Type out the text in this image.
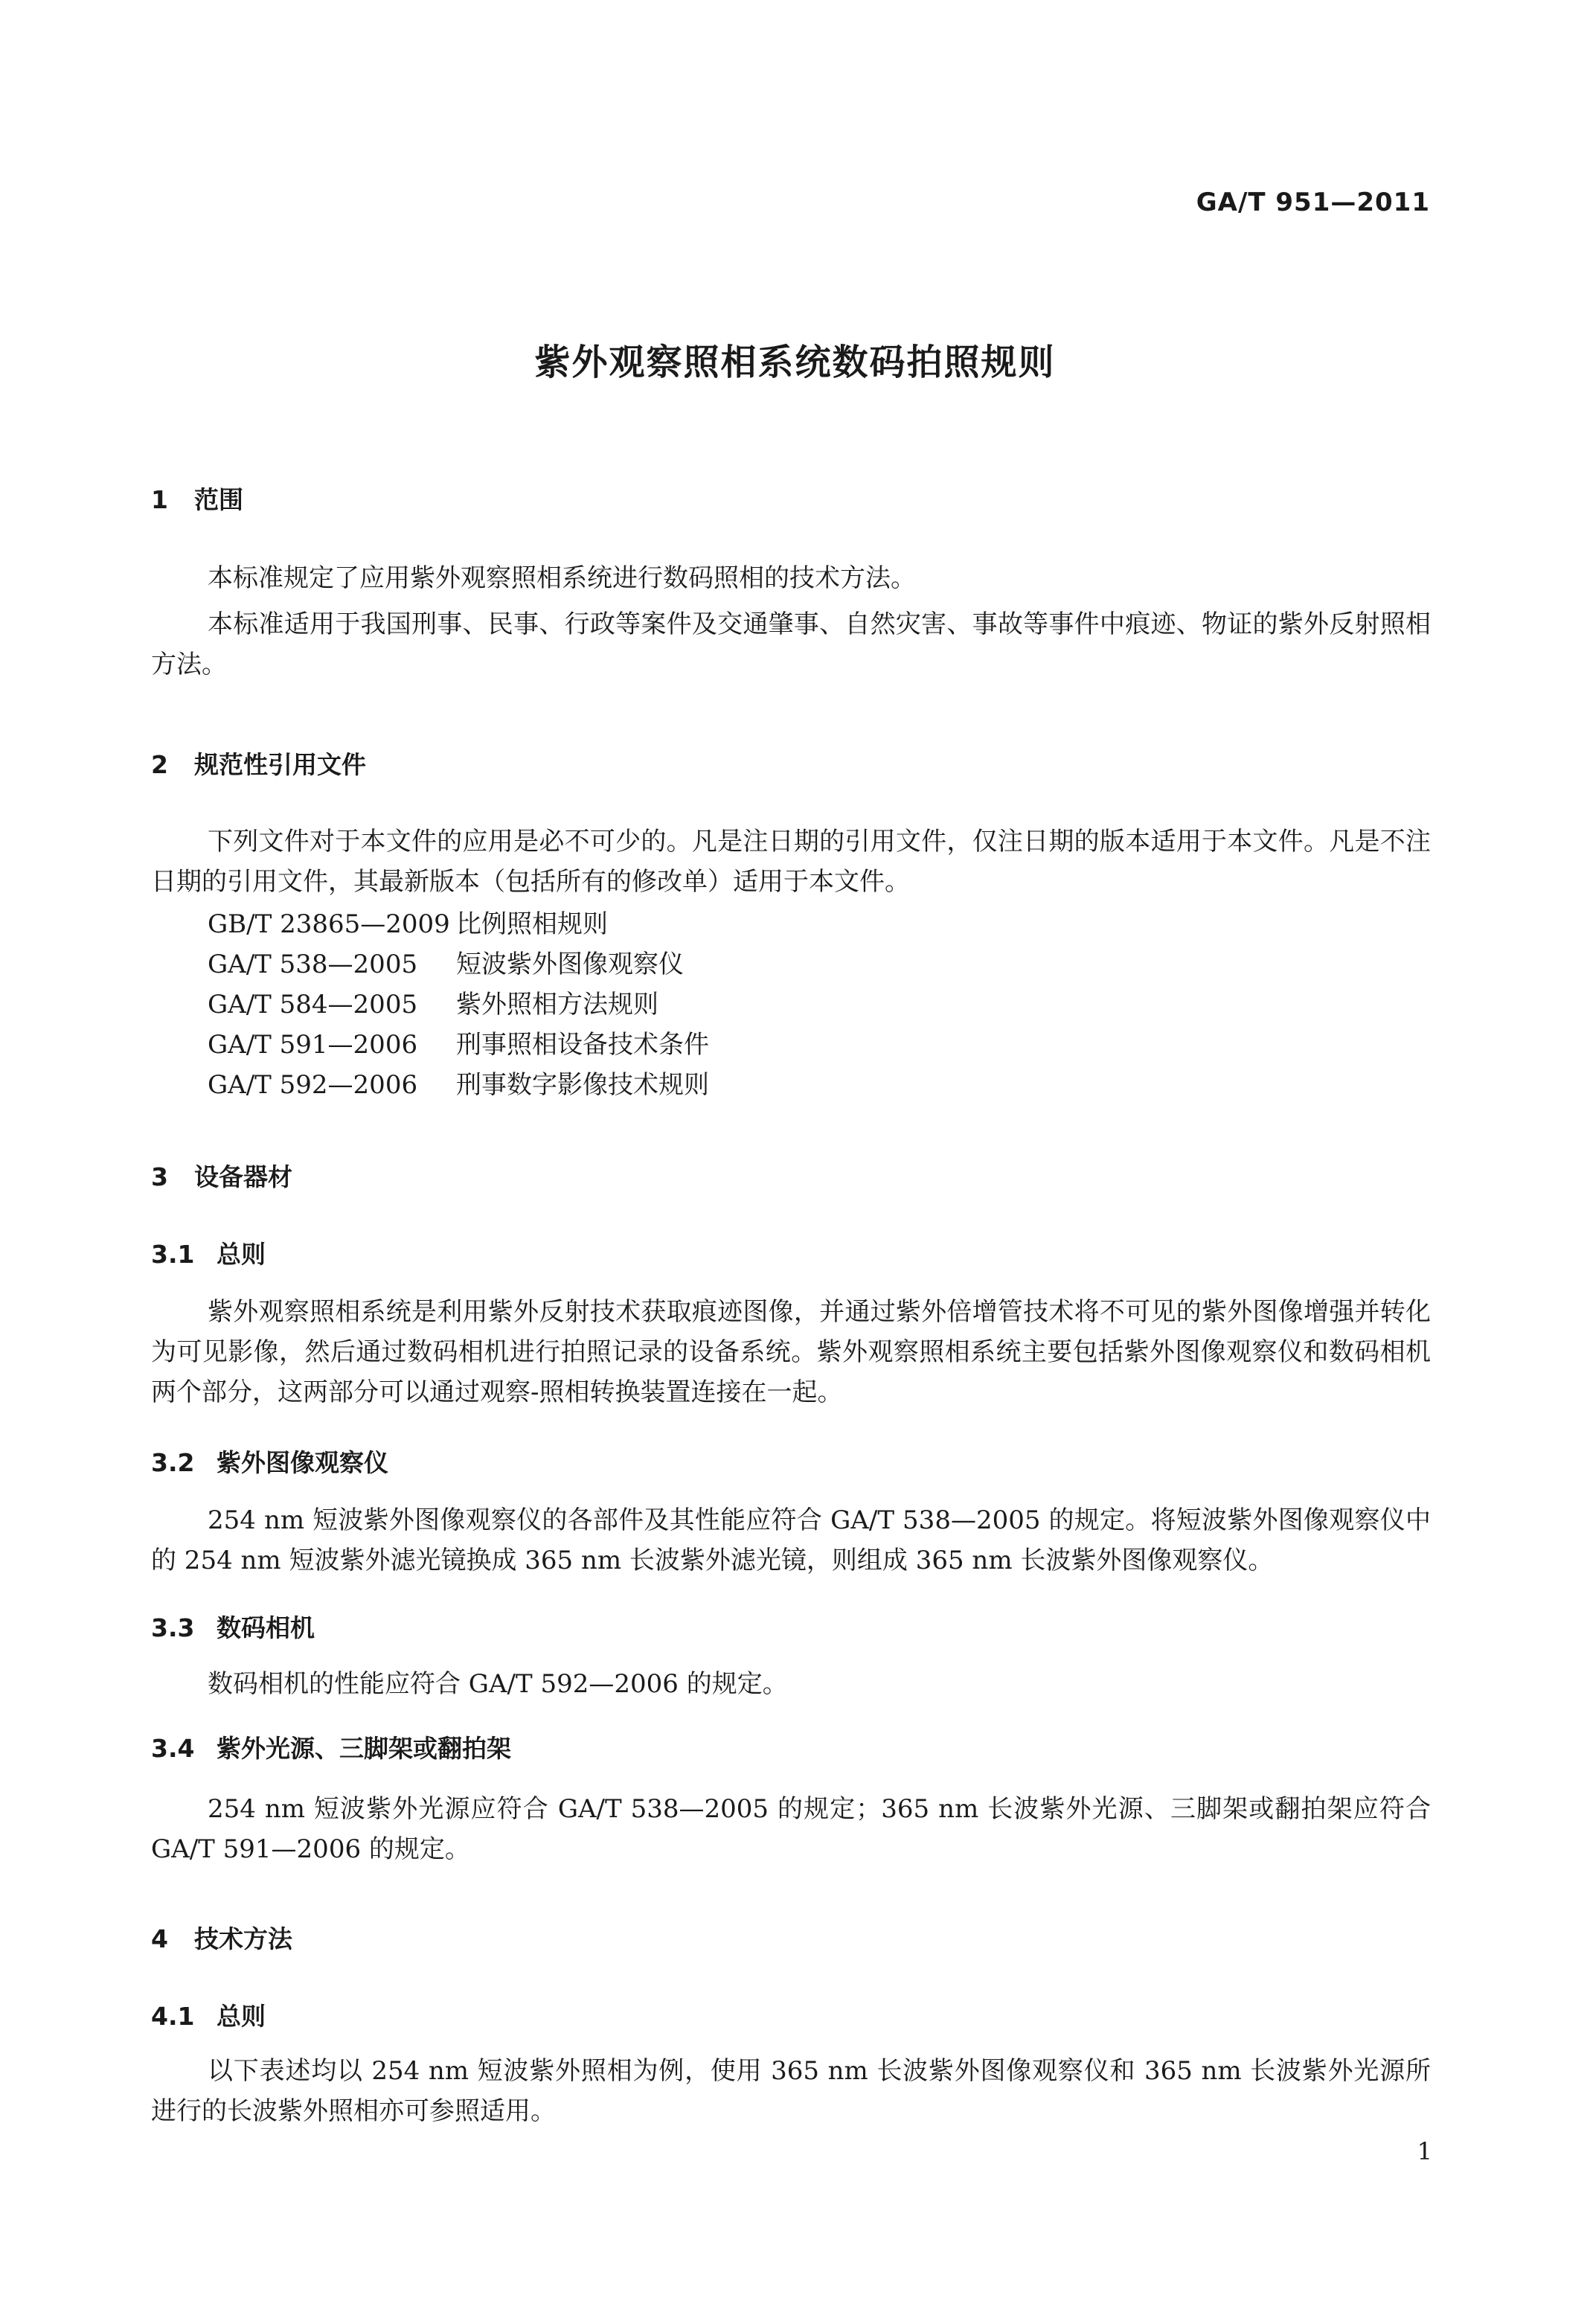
GA/T 951—2011
紫外观察照相系统数码拍照规则
1 范围

本标准规定了应用紫外观察照相系统进行数码照相的技术方法。

本标准适用于我国刑事、民事、行政等案件及交通肇事、自然灾害、事故等事件中痕迹、物证的紫外反射照相方法。

2 规范性引用文件

下列文件对于本文件的应用是必不可少的。凡是注日期的引用文件，仅注日期的版本适用于本文件。凡是不注日期的引用文件，其最新版本（包括所有的修改单）适用于本文件。

GB/T 23865—2009 比例照相规则
GA/T 538—2005 短波紫外图像观察仪
GA/T 584—2005 紫外照相方法规则
GA/T 591—2006 刑事照相设备技术条件
GA/T 592—2006 刑事数字影像技术规则
3 设备器材
3.1 总则

紫外观察照相系统是利用紫外反射技术获取痕迹图像，并通过紫外倍增管技术将不可见的紫外图像增强并转化为可见影像，然后通过数码相机进行拍照记录的设备系统。紫外观察照相系统主要包括紫外图像观察仪和数码相机两个部分，这两部分可以通过观察-照相转换装置连接在一起。

3.2 紫外图像观察仪

254 nm 短波紫外图像观察仪的各部件及其性能应符合 GA/T 538—2005 的规定。将短波紫外图像观察仪中的 254 nm 短波紫外滤光镜换成 365 nm 长波紫外滤光镜，则组成 365 nm 长波紫外图像观察仪。

3.3 数码相机

数码相机的性能应符合 GA/T 592—2006 的规定。

3.4 紫外光源、三脚架或翻拍架

254 nm 短波紫外光源应符合 GA/T 538—2005 的规定；365 nm 长波紫外光源、三脚架或翻拍架应符合 GA/T 591—2006 的规定。

4 技术方法
4.1 总则

以下表述均以 254 nm 短波紫外照相为例，使用 365 nm 长波紫外图像观察仪和 365 nm 长波紫外光源所进行的长波紫外照相亦可参照适用。

1
